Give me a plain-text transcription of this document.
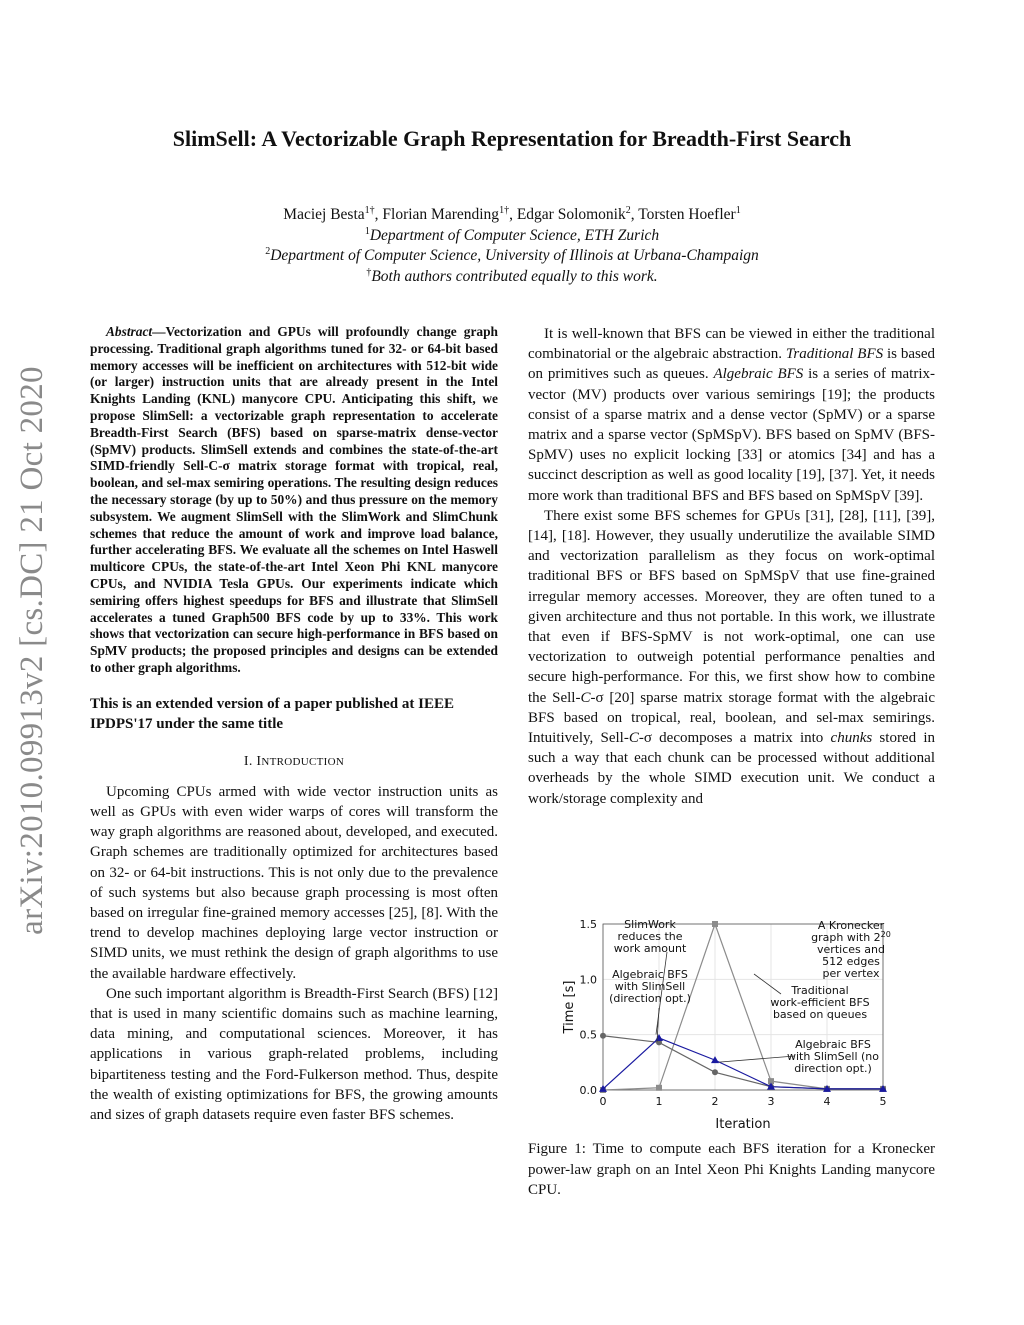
arXiv:2010.09913v2 [cs.DC] 21 Oct 2020
SlimSell: A Vectorizable Graph Representation for Breadth-First Search
Maciej Besta$^{1\dagger}$, Florian Marending$^{1\dagger}$, Edgar Solomonik$^2$, Torsten Hoefler$^1$
$^1$Department of Computer Science, ETH Zurich
$^2$Department of Computer Science, University of Illinois at Urbana-Champaign
†Both authors contributed equally to this work.

Abstract—Vectorization and GPUs will profoundly change graph processing. Traditional graph algorithms tuned for 32- or 64-bit based memory accesses will be inefficient on architectures with 512-bit wide (or larger) instruction units that are already present in the Intel Knights Landing (KNL) manycore CPU. Anticipating this shift, we propose SlimSell: a vectorizable graph representation to accelerate Breadth-First Search (BFS) based on sparse-matrix dense-vector (SpMV) products. SlimSell extends and combines the state-of-the-art SIMD-friendly Sell-C-σ matrix storage format with tropical, real, boolean, and sel-max semiring operations. The resulting design reduces the necessary storage (by up to 50%) and thus pressure on the memory subsystem. We augment SlimSell with the SlimWork and SlimChunk schemes that reduce the amount of work and improve load balance, further accelerating BFS. We evaluate all the schemes on Intel Haswell multicore CPUs, the state-of-the-art Intel Xeon Phi KNL manycore CPUs, and NVIDIA Tesla GPUs. Our experiments indicate which semiring offers highest speedups for BFS and illustrate that SlimSell accelerates a tuned Graph500 BFS code by up to 33%. This work shows that vectorization can secure high-performance in BFS based on SpMV products; the proposed principles and designs can be extended to other graph algorithms.

This is an extended version of a paper published at IEEE IPDPS'17 under the same title

I. INTRODUCTION

Upcoming CPUs armed with wide vector instruction units as well as GPUs with even wider warps of cores will transform the way graph algorithms are reasoned about, developed, and executed. Graph schemes are traditionally optimized for architectures based on 32- or 64-bit instructions. This is not only due to the prevalence of such systems but also because graph processing is most often based on irregular fine-grained memory accesses [25], [8]. With the trend to develop machines deploying large vector instruction or SIMD units, we must rethink the design of graph algorithms to use the available hardware effectively.

One such important algorithm is Breadth-First Search (BFS) [12] that is used in many scientific domains such as machine learning, data mining, and computational sciences. Moreover, it has applications in various graph-related problems, including bipartiteness testing and the Ford-Fulkerson method. Thus, despite the wealth of existing optimizations for BFS, the growing amounts and sizes of graph datasets require even faster BFS schemes.

It is well-known that BFS can be viewed in either the traditional combinatorial or the algebraic abstraction. Traditional BFS is based on primitives such as queues. Algebraic BFS is a series of matrix-vector (MV) products over various semirings [19]; the products consist of a sparse matrix and a dense vector (SpMV) or a sparse matrix and a sparse vector (SpMSpV). BFS based on SpMV (BFS-SpMV) uses no explicit locking [33] or atomics [34] and has a succinct description as well as good locality [19], [37]. Yet, it needs more work than traditional BFS and BFS based on SpMSpV [39].

There exist some BFS schemes for GPUs [31], [28], [11], [39], [14], [18]. However, they usually underutilize the available SIMD and vectorization parallelism as they focus on work-optimal traditional BFS or BFS based on SpMSpV that use fine-grained irregular memory accesses. Moreover, they are often tuned to a given architecture and thus not portable. In this work, we illustrate that even if BFS-SpMV is not work-optimal, one can use vectorization to outweigh potential performance penalties and secure high-performance. For this, we first show how to combine the Sell-C-σ [20] sparse matrix storage format with the algebraic BFS based on tropical, real, boolean, and sel-max semirings. Intuitively, Sell-C-σ decomposes a matrix into chunks stored in such a way that each chunk can be processed without additional overheads by the whole SIMD execution unit. We conduct a work/storage complexity and

0	1	2	3	4	5
0.0
0.5
1.0
1.5	SlimWork reduces the work amount
A Kronecker graph with $2^{20}$ vertices and 512 edges per vertex
Algebraic BFS with SlimSell (direction opt.)
Traditional work-efficient BFS based on queues
Algebraic BFS with SlimSell (no direction opt.)
Iteration
Time [s]

Figure 1: Time to compute each BFS iteration for a Kronecker power-law graph on an Intel Xeon Phi Knights Landing manycore CPU.
